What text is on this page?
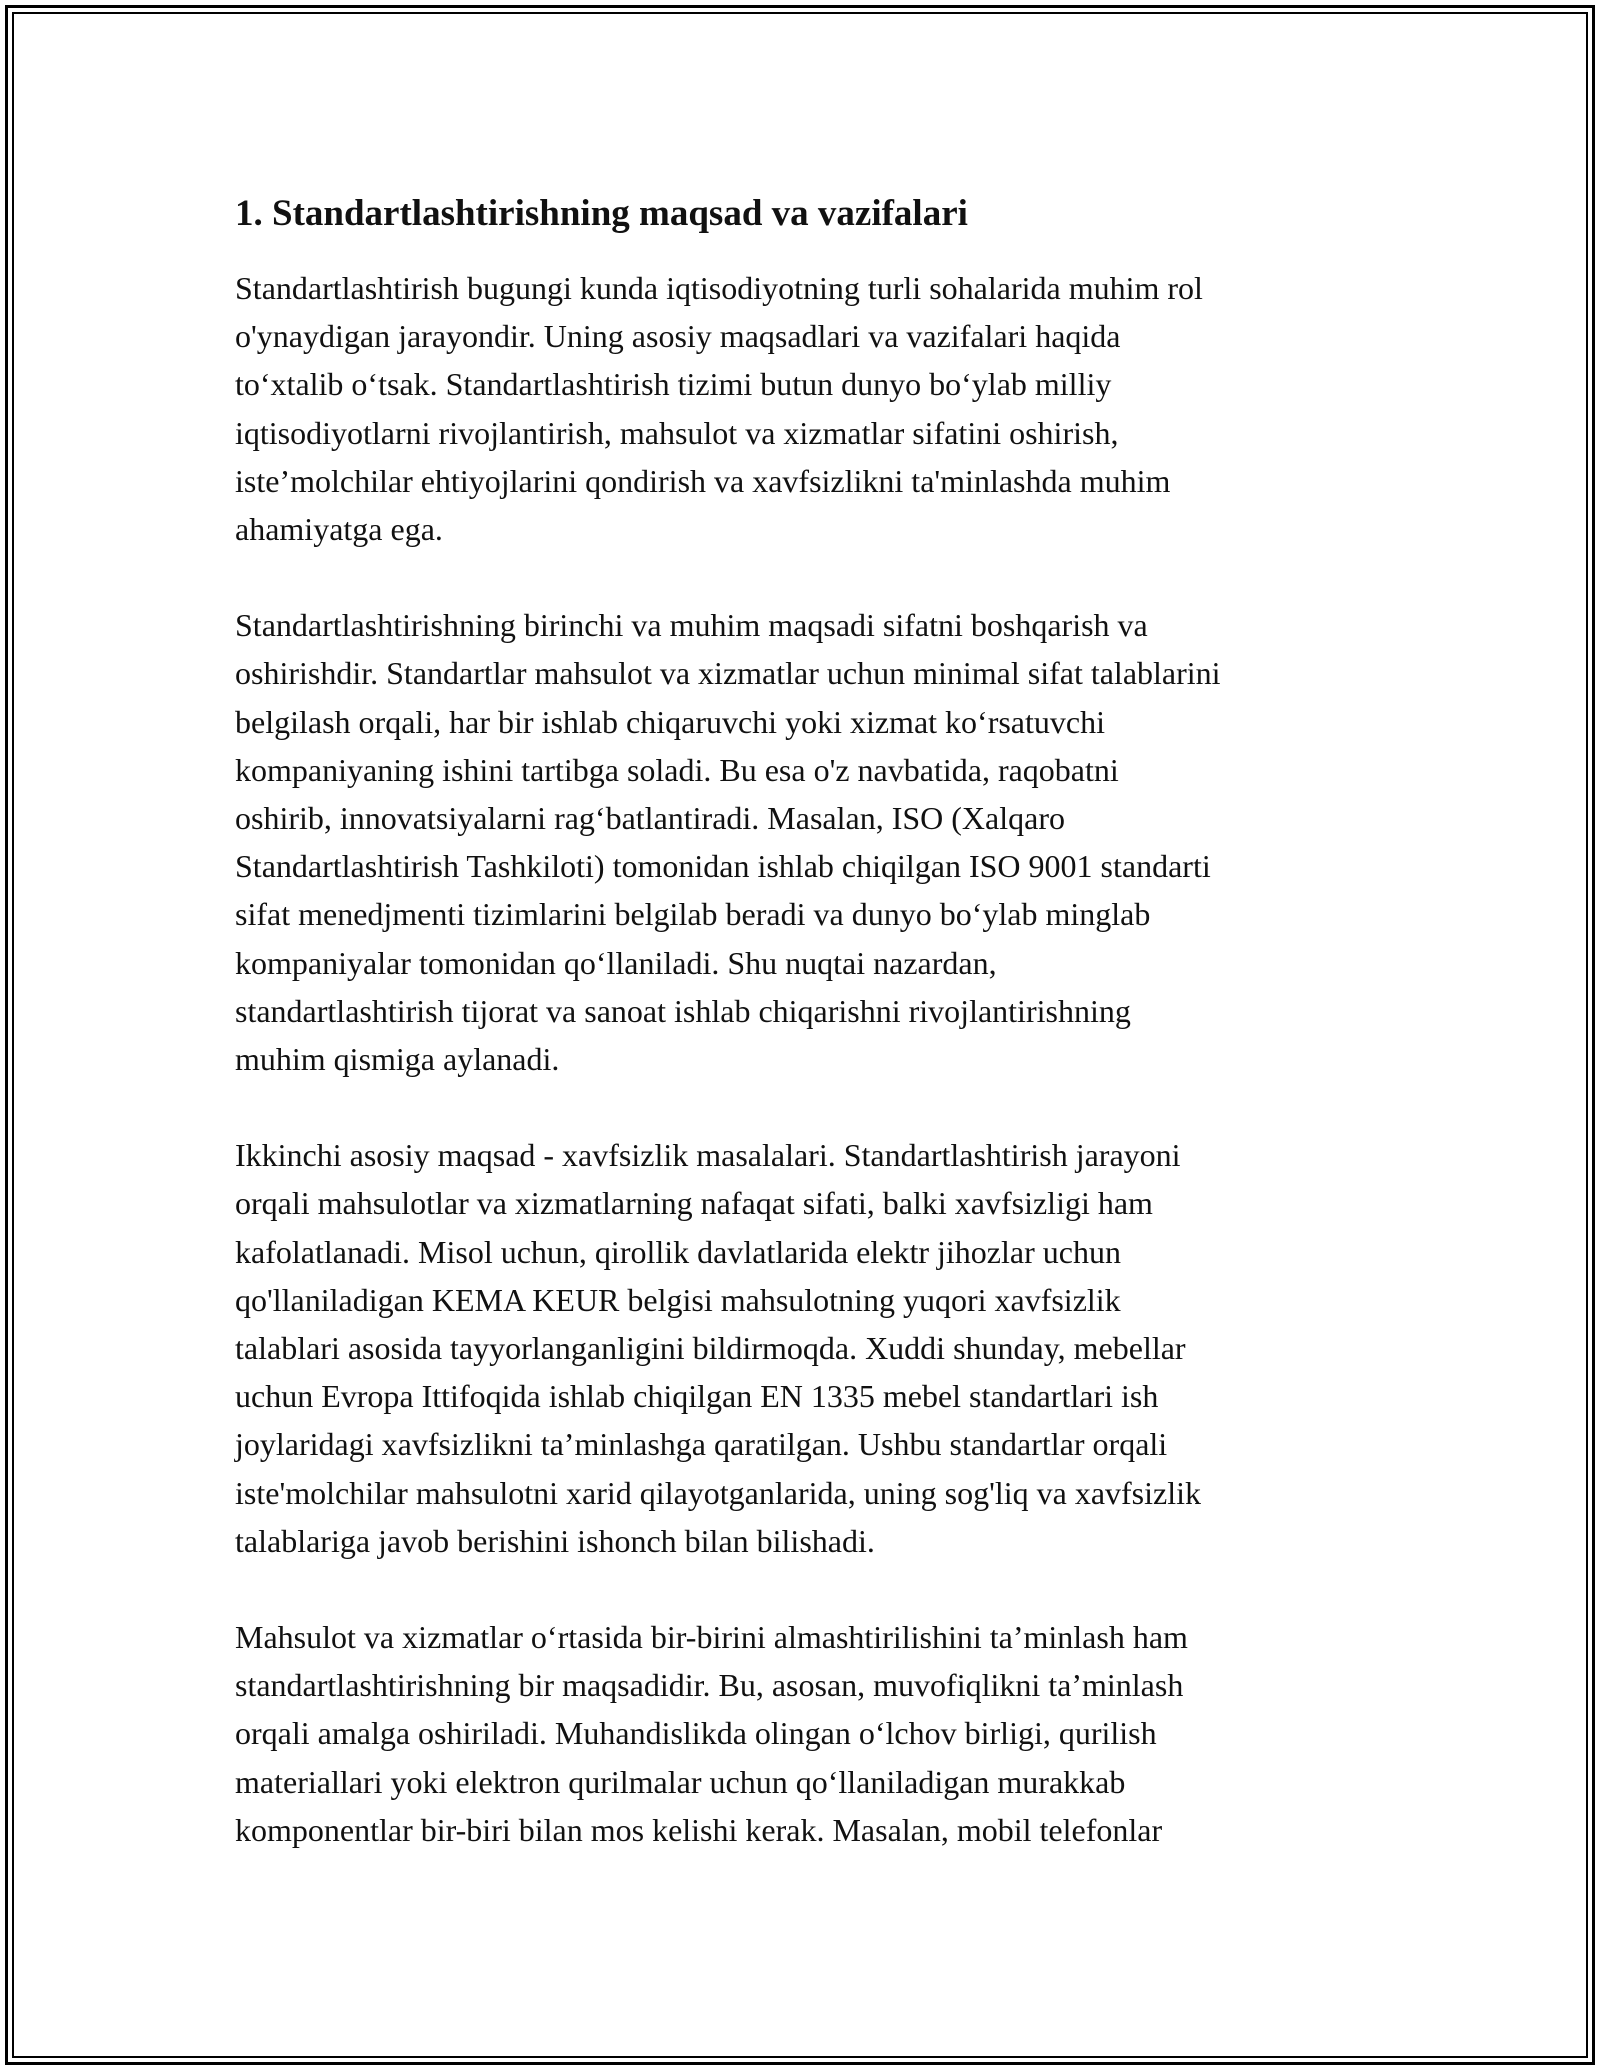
1. Standartlashtirishning maqsad va vazifalari

Standartlashtirish bugungi kunda iqtisodiyotning turli sohalarida muhim rol
o'ynaydigan jarayondir. Uning asosiy maqsadlari va vazifalari haqida
to‘xtalib o‘tsak. Standartlashtirish tizimi butun dunyo bo‘ylab milliy
iqtisodiyotlarni rivojlantirish, mahsulot va xizmatlar sifatini oshirish,
iste’molchilar ehtiyojlarini qondirish va xavfsizlikni ta'minlashda muhim
ahamiyatga ega.

Standartlashtirishning birinchi va muhim maqsadi sifatni boshqarish va
oshirishdir. Standartlar mahsulot va xizmatlar uchun minimal sifat talablarini
belgilash orqali, har bir ishlab chiqaruvchi yoki xizmat ko‘rsatuvchi
kompaniyaning ishini tartibga soladi. Bu esa o'z navbatida, raqobatni
oshirib, innovatsiyalarni rag‘batlantiradi. Masalan, ISO (Xalqaro
Standartlashtirish Tashkiloti) tomonidan ishlab chiqilgan ISO 9001 standarti
sifat menedjmenti tizimlarini belgilab beradi va dunyo bo‘ylab minglab
kompaniyalar tomonidan qo‘llaniladi. Shu nuqtai nazardan,
standartlashtirish tijorat va sanoat ishlab chiqarishni rivojlantirishning
muhim qismiga aylanadi.

Ikkinchi asosiy maqsad - xavfsizlik masalalari. Standartlashtirish jarayoni
orqali mahsulotlar va xizmatlarning nafaqat sifati, balki xavfsizligi ham
kafolatlanadi. Misol uchun, qirollik davlatlarida elektr jihozlar uchun
qo'llaniladigan KEMA KEUR belgisi mahsulotning yuqori xavfsizlik
talablari asosida tayyorlanganligini bildirmoqda. Xuddi shunday, mebellar
uchun Evropa Ittifoqida ishlab chiqilgan EN 1335 mebel standartlari ish
joylaridagi xavfsizlikni ta’minlashga qaratilgan. Ushbu standartlar orqali
iste'molchilar mahsulotni xarid qilayotganlarida, uning sog'liq va xavfsizlik
talablariga javob berishini ishonch bilan bilishadi.

Mahsulot va xizmatlar o‘rtasida bir-birini almashtirilishini ta’minlash ham
standartlashtirishning bir maqsadidir. Bu, asosan, muvofiqlikni ta’minlash
orqali amalga oshiriladi. Muhandislikda olingan o‘lchov birligi, qurilish
materiallari yoki elektron qurilmalar uchun qo‘llaniladigan murakkab
komponentlar bir-biri bilan mos kelishi kerak. Masalan, mobil telefonlar
